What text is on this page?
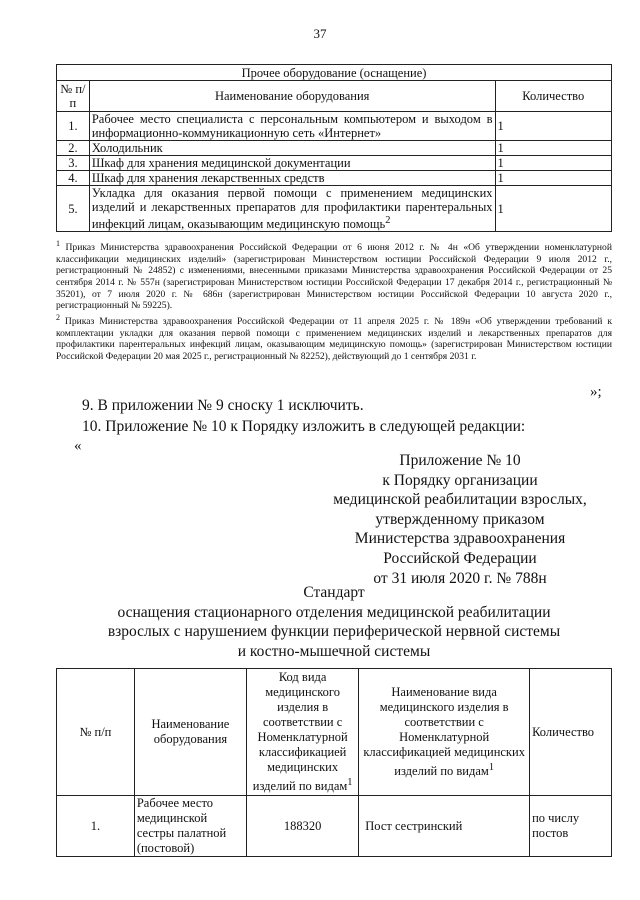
37
Прочее оборудование (оснащение)		
№ п/п	Наименование оборудования	Количество
1.	Рабочее место специалиста с персональным компьютером и выходом в информационно-коммуникационную сеть «Интернет»	1
2.	Холодильник	1
3.	Шкаф для хранения медицинской документации	1
4.	Шкаф для хранения лекарственных средств	1
5.	Укладка для оказания первой помощи с применением медицинских изделий и лекарственных препаратов для профилактики парентеральных инфекций лицам, оказывающим медицинскую помощь$^2$	1

$^1$ Приказ Министерства здравоохранения Российской Федерации от 6 июня 2012 г. № 4н «Об утверждении номенклатурной классификации медицинских изделий» (зарегистрирован Министерством юстиции Российской Федерации 9 июля 2012 г., регистрационный № 24852) с изменениями, внесенными приказами Министерства здравоохранения Российской Федерации от 25 сентября 2014 г. № 557н (зарегистрирован Министерством юстиции Российской Федерации 17 декабря 2014 г., регистрационный № 35201), от 7 июля 2020 г. № 686н (зарегистрирован Министерством юстиции Российской Федерации 10 августа 2020 г., регистрационный № 59225).

$^2$ Приказ Министерства здравоохранения Российской Федерации от 11 апреля 2025 г. № 189н «Об утверждении требований к комплектации укладки для оказания первой помощи с применением медицинских изделий и лекарственных препаратов для профилактики парентеральных инфекций лицам, оказывающим медицинскую помощь» (зарегистрирован Министерством юстиции Российской Федерации 20 мая 2025 г., регистрационный № 82252), действующий до 1 сентября 2031 г.

»;
9. В приложении № 9 сноску 1 исключить.
10. Приложение № 10 к Порядку изложить в следующей редакции:
«
Приложение № 10
к Порядку организации
медицинской реабилитации взрослых,
утвержденному приказом
Министерства здравоохранения
Российской Федерации
от 31 июля 2020 г. № 788н
Стандарт
оснащения стационарного отделения медицинской реабилитации
взрослых с нарушением функции периферической нервной системы
и костно-мышечной системы
№ п/п	Наименование оборудования	Код вида медицинского изделия в соответствии с Номенклатурной классификацией медицинских изделий по видам$^1$	Наименование вида медицинского изделия в соответствии с Номенклатурной классификацией медицинских изделий по видам$^1$	Количество
1.	Рабочее место медицинской сестры палатной (постовой)	188320	Пост сестринский	по числу постов
